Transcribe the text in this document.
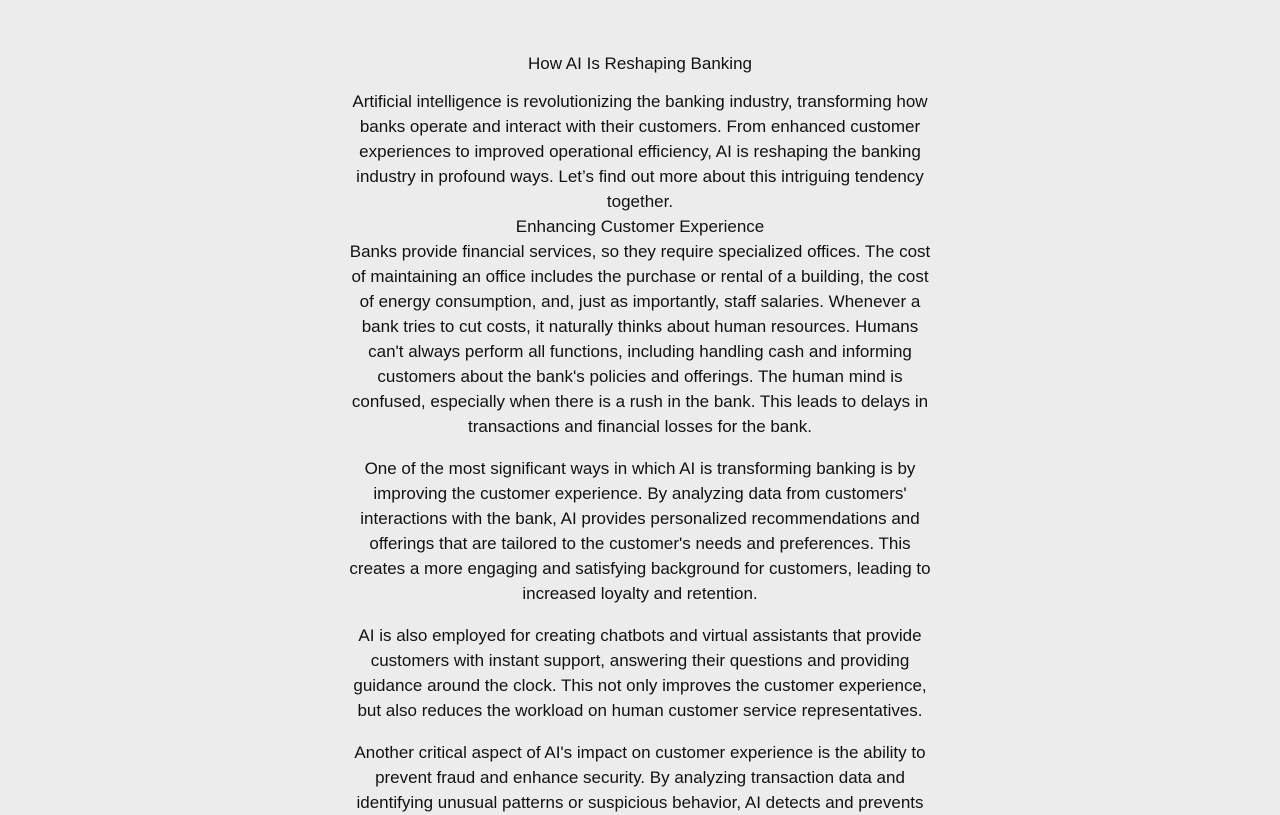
How AI Is Reshaping Banking

Artificial intelligence is revolutionizing the banking industry, transforming how banks operate and interact with their customers. From enhanced customer experiences to improved operational efficiency, AI is reshaping the banking industry in profound ways. Let’s find out more about this intriguing tendency together.

Enhancing Customer Experience

Banks provide financial services, so they require specialized offices. The cost of maintaining an office includes the purchase or rental of a building, the cost of energy consumption, and, just as importantly, staff salaries. Whenever a bank tries to cut costs, it naturally thinks about human resources. Humans can't always perform all functions, including handling cash and informing customers about the bank's policies and offerings. The human mind is confused, especially when there is a rush in the bank. This leads to delays in transactions and financial losses for the bank.

One of the most significant ways in which AI is transforming banking is by improving the customer experience. By analyzing data from customers' interactions with the bank, AI provides personalized recommendations and offerings that are tailored to the customer's needs and preferences. This creates a more engaging and satisfying background for customers, leading to increased loyalty and retention.

AI is also employed for creating chatbots and virtual assistants that provide customers with instant support, answering their questions and providing guidance around the clock. This not only improves the customer experience, but also reduces the workload on human customer service representatives.

Another critical aspect of AI's impact on customer experience is the ability to prevent fraud and enhance security. By analyzing transaction data and identifying unusual patterns or suspicious behavior, AI detects and prevents
